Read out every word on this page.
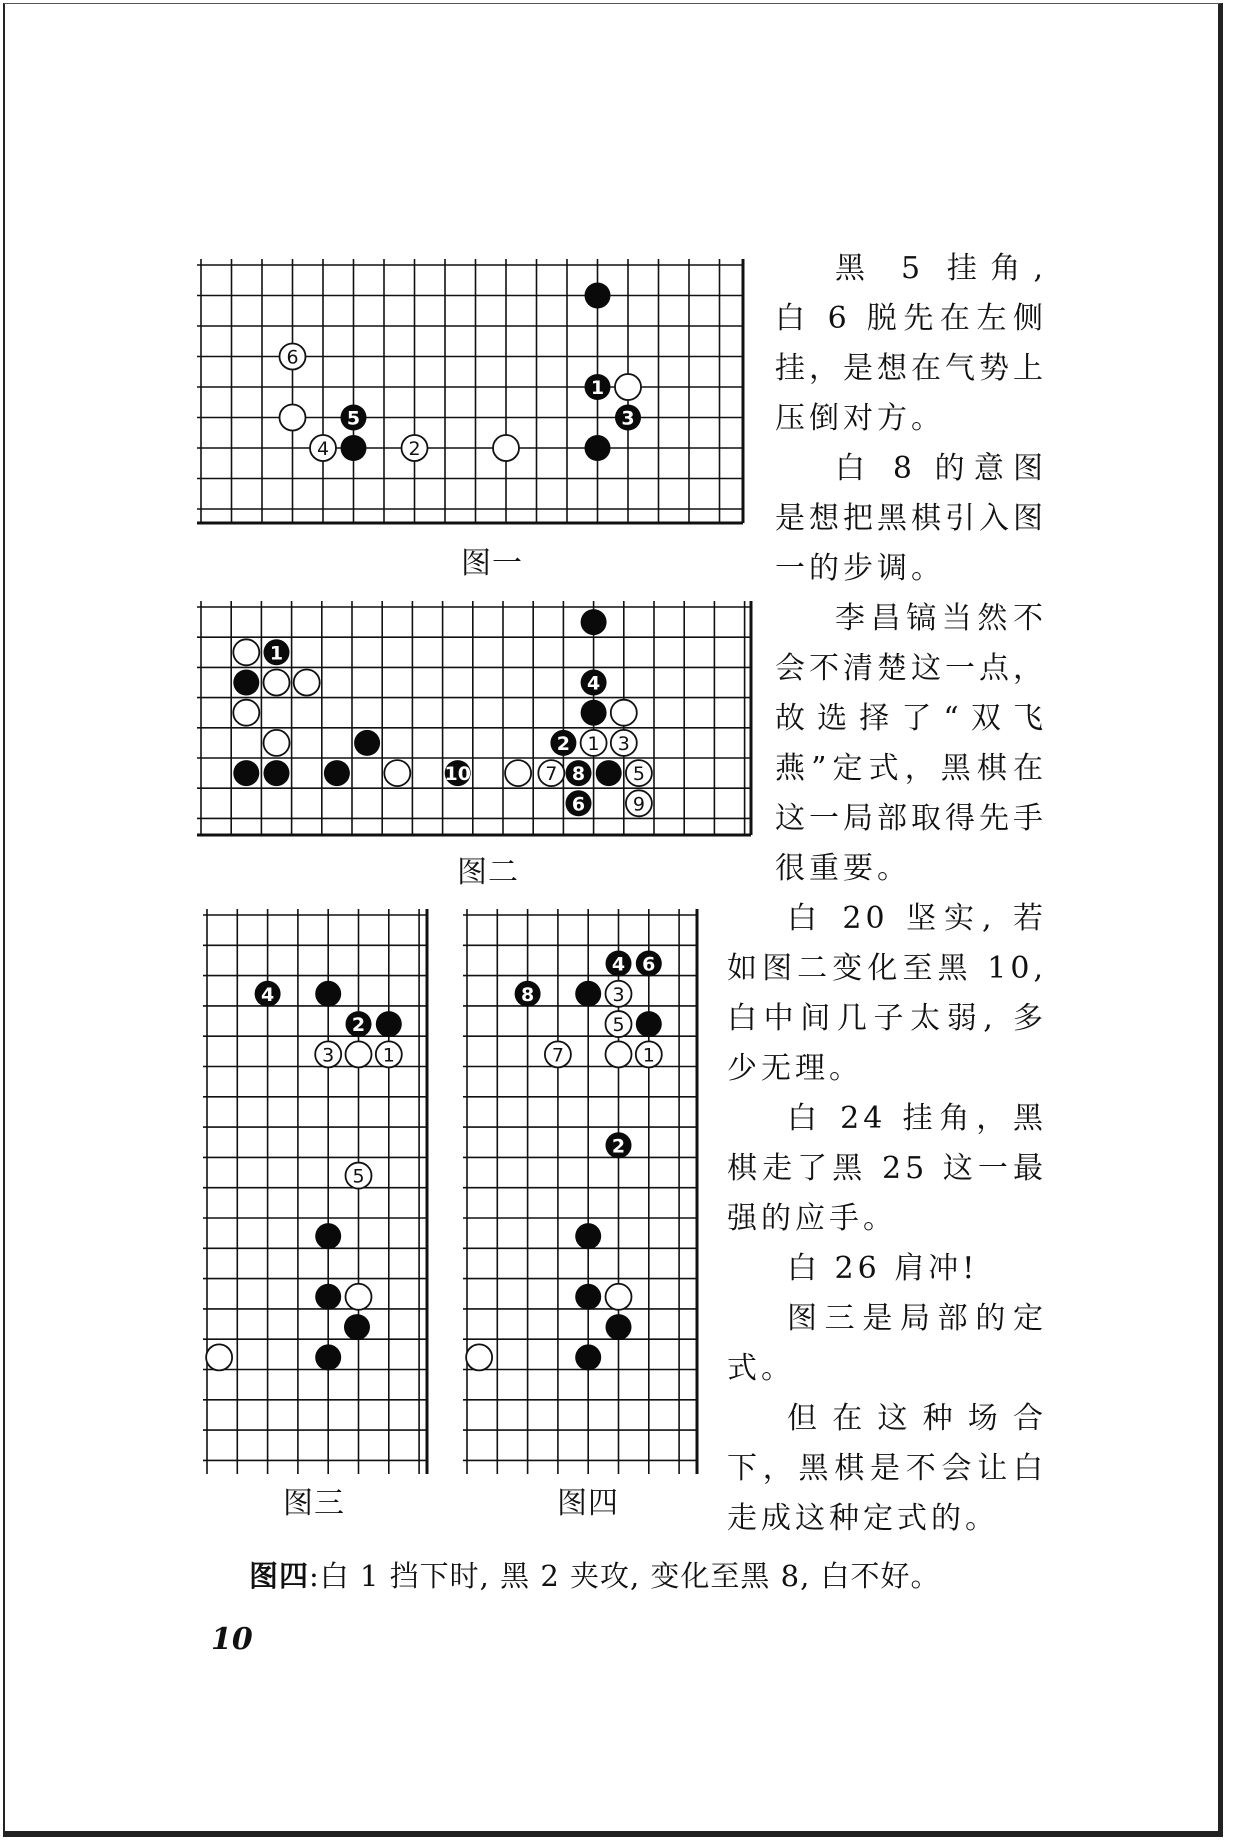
6
1
5	3
4	2
图一
1
4
2 1 3
10	7 8	5
6	9
图二
4
2
3	1
5
图三
4 6
8	3
5
7	1
2
图四

黑 5 挂角, 白 6 脱先在左侧挂，是想在气势上压倒对方。

白 8 的意图是想把黑棋引入图一的步调。

李昌镐当然不会不清楚这一点，故选择了“双飞燕”定式，黑棋在这一局部取得先手很重要。

白 20 坚实, 若如图二变化至黑 10, 白中间几子太弱, 多少无理。

白 24 挂角，黑棋走了黑 25 这一最强的应手。

白 26 肩冲!

图三是局部的定式。

但在这种场合下，黑棋是不会让白走成这种定式的。

图四:白 1 挡下时, 黑 2 夹攻, 变化至黑 8, 白不好。
10
